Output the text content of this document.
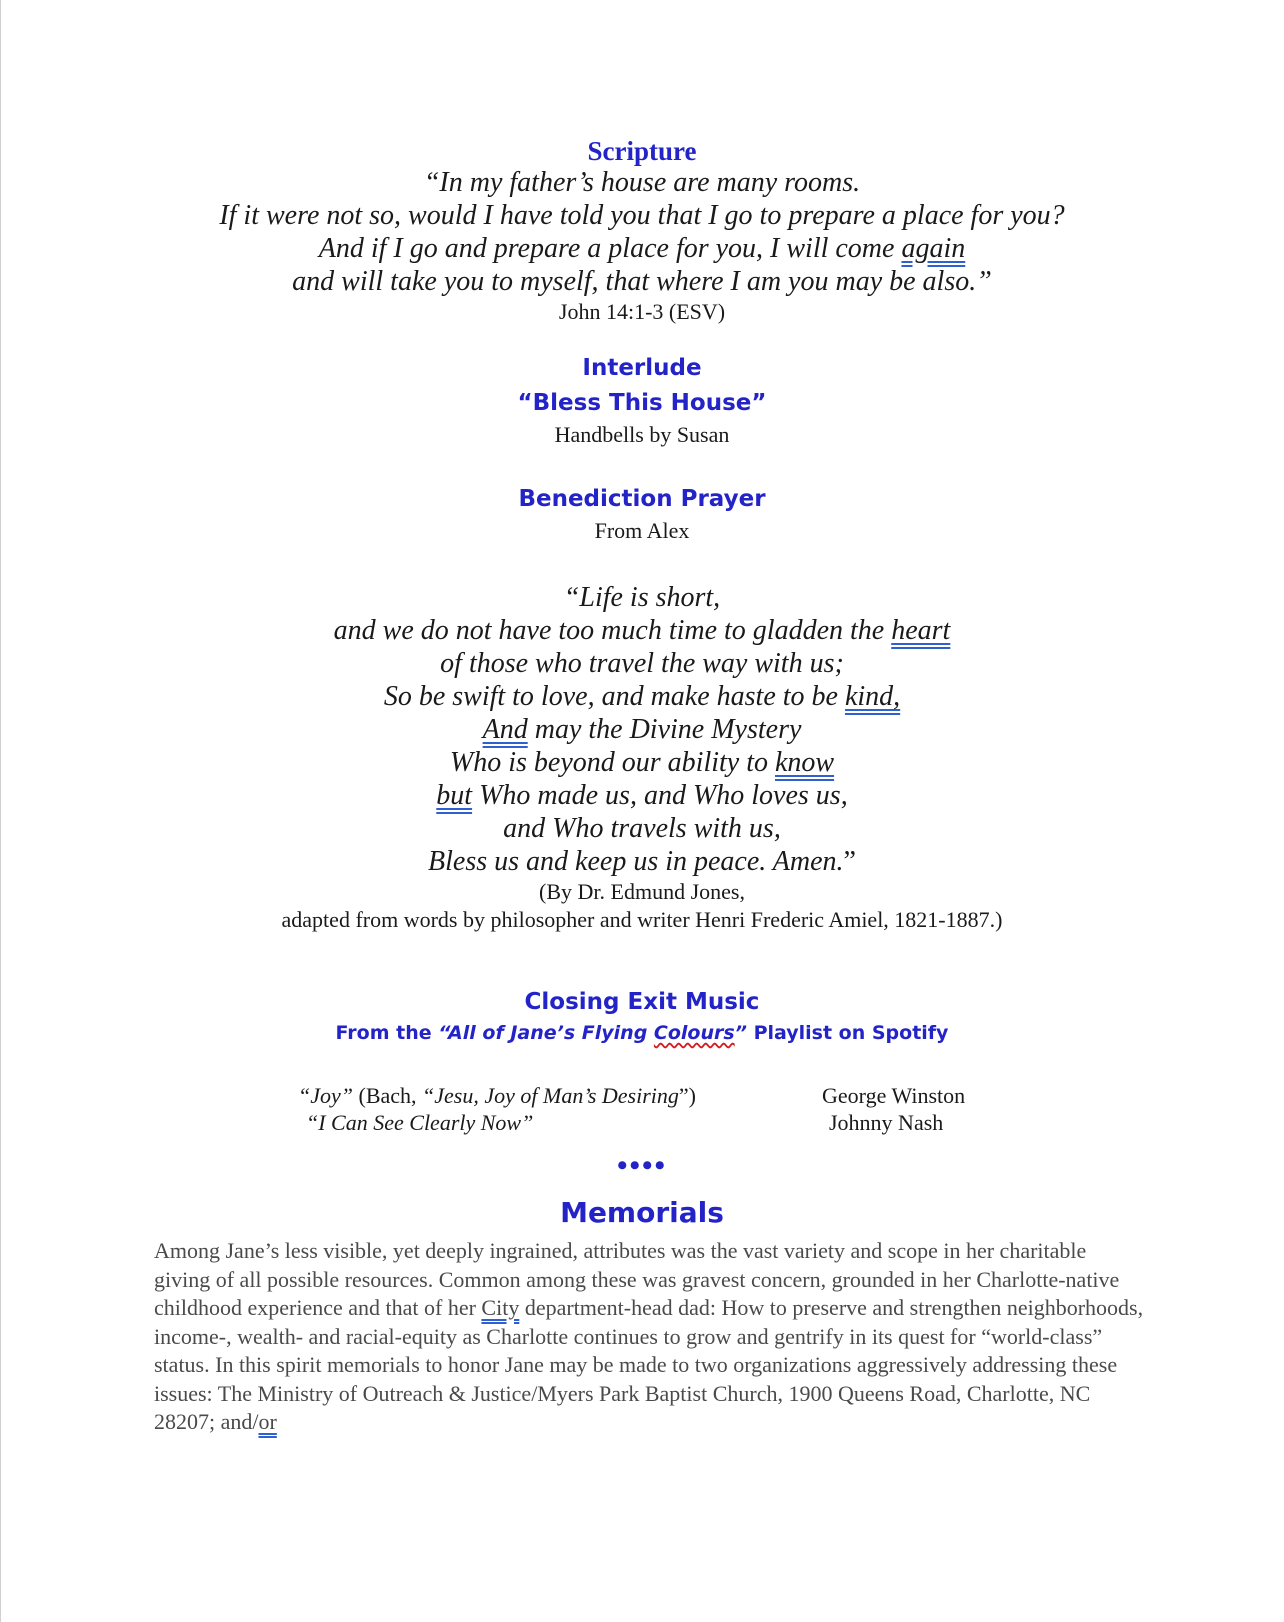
Scripture
“In my father’s house are many rooms.
If it were not so, would I have told you that I go to prepare a place for you?
And if I go and prepare a place for you, I will come again
and will take you to myself, that where I am you may be also.”
John 14:1-3 (ESV)
Interlude
“Bless This House”
Handbells by Susan
Benediction Prayer
From Alex
“Life is short,
and we do not have too much time to gladden the heart
of those who travel the way with us;
So be swift to love, and make haste to be kind,
And may the Divine Mystery
Who is beyond our ability to know
but Who made us, and Who loves us,
and Who travels with us,
Bless us and keep us in peace. Amen.”
(By Dr. Edmund Jones,
adapted from words by philosopher and writer Henri Frederic Amiel, 1821-1887.)
Closing Exit Music
From the “All of Jane’s Flying Colours” Playlist on Spotify
“Joy” (Bach, “Jesu, Joy of Man’s Desiring”)	George Winston
“I Can See Clearly Now”	Johnny Nash
••••
Memorials
Among Jane’s less visible, yet deeply ingrained, attributes was the vast variety and scope in her charitable giving of all possible resources. Common among these was gravest concern, grounded in her Charlotte-native childhood experience and that of her City department-head dad: How to preserve and strengthen neighborhoods, income-, wealth- and racial-equity as Charlotte continues to grow and gentrify in its quest for “world-class” status. In this spirit memorials to honor Jane may be made to two organizations aggressively addressing these issues: The Ministry of Outreach & Justice/Myers Park Baptist Church, 1900 Queens Road, Charlotte, NC 28207; and/or
